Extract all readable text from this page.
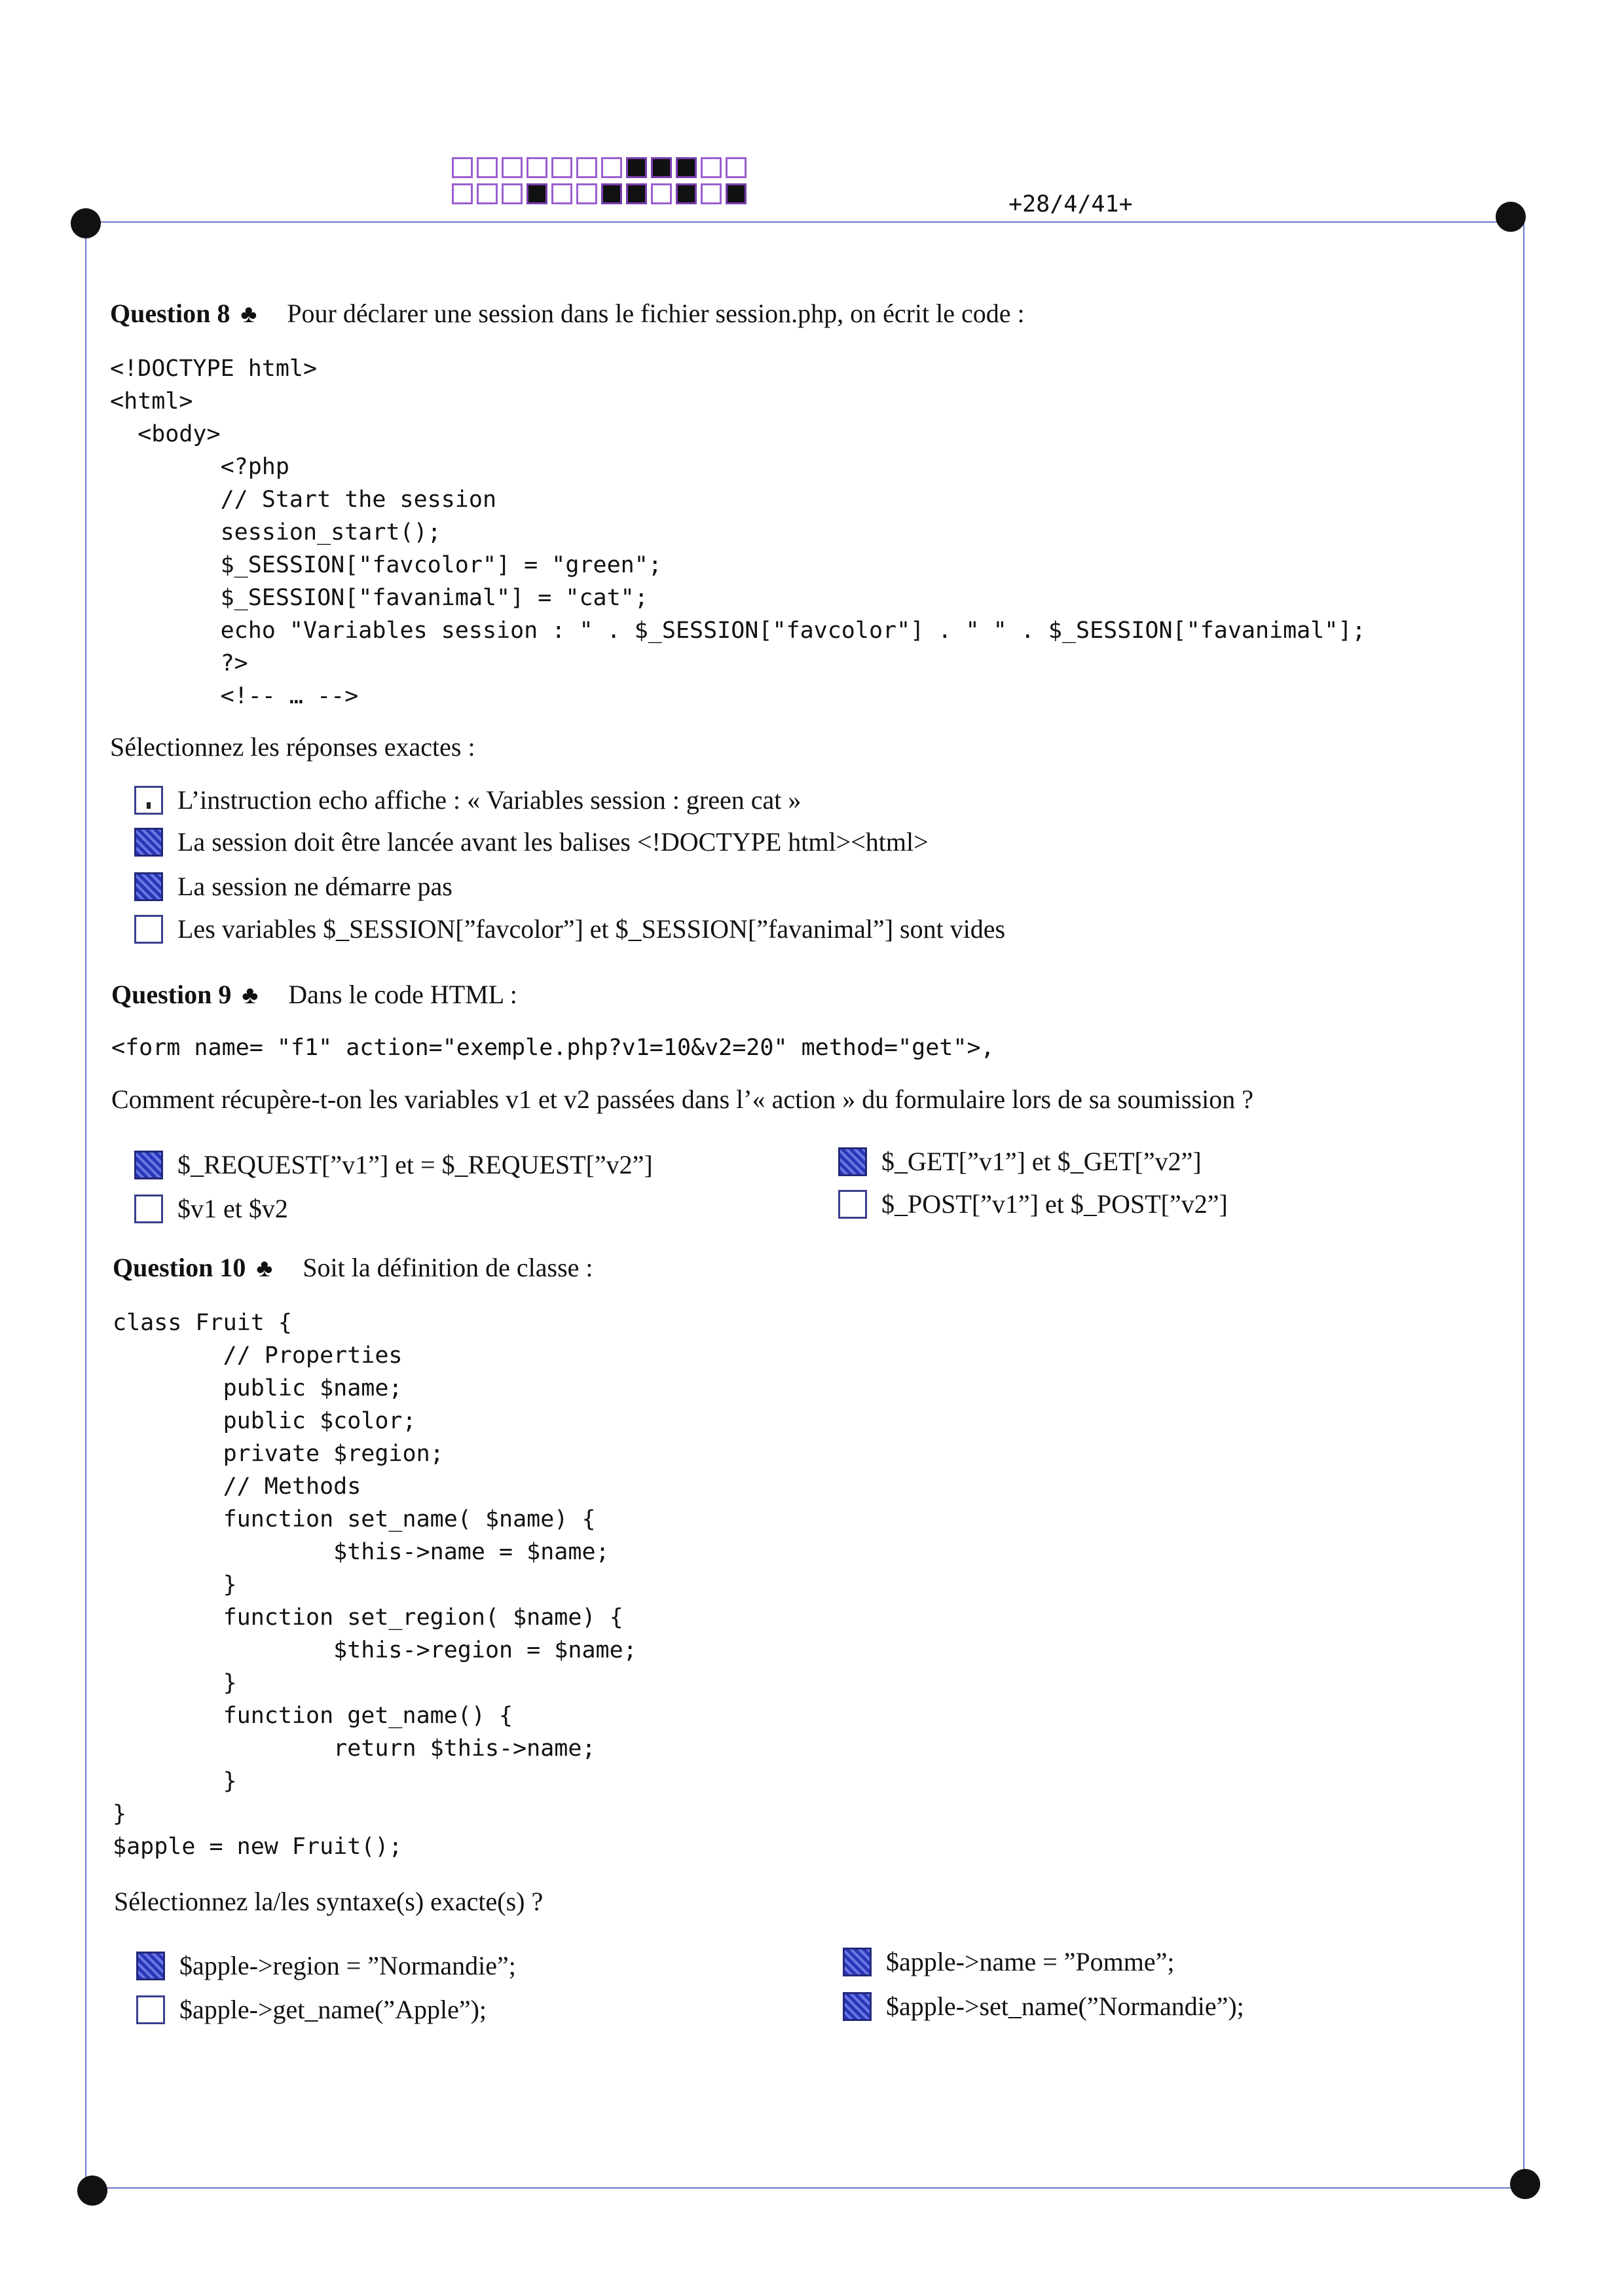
+28/4/41+
Question 8 ♣ Pour déclarer une session dans le fichier session.php, on écrit le code :
<!DOCTYPE html>
<html>
<body>
<?php
// Start the session
session_start();
$_SESSION["favcolor"] = "green";
$_SESSION["favanimal"] = "cat";
echo "Variables session : " . $_SESSION["favcolor"] . " " . $_SESSION["favanimal"];
?>
<!-- … -->
Sélectionnez les réponses exactes :
L’instruction echo affiche : « Variables session : green cat »
La session doit être lancée avant les balises <!DOCTYPE html><html>
La session ne démarre pas
Les variables $_SESSION[”favcolor”] et $_SESSION[”favanimal”] sont vides
Question 9 ♣ Dans le code HTML :
<form name= "f1" action="exemple.php?v1=10&v2=20" method="get">,
Comment récupère-t-on les variables v1 et v2 passées dans l’« action » du formulaire lors de sa soumission ?
$_REQUEST[”v1”] et = $_REQUEST[”v2”]	$_GET[”v1”] et $_GET[”v2”]
$v1 et $v2	$_POST[”v1”] et $_POST[”v2”]
Question 10 ♣ Soit la définition de classe :
class Fruit {
// Properties
public $name;
public $color;
private $region;
// Methods
function set_name( $name) {
$this->name = $name;
}
function set_region( $name) {
$this->region = $name;
}
function get_name() {
return $this->name;
}
}
$apple = new Fruit();
Sélectionnez la/les syntaxe(s) exacte(s) ?
$apple->region = ”Normandie”;	$apple->name = ”Pomme”;
$apple->get_name(”Apple”);	$apple->set_name(”Normandie”);
